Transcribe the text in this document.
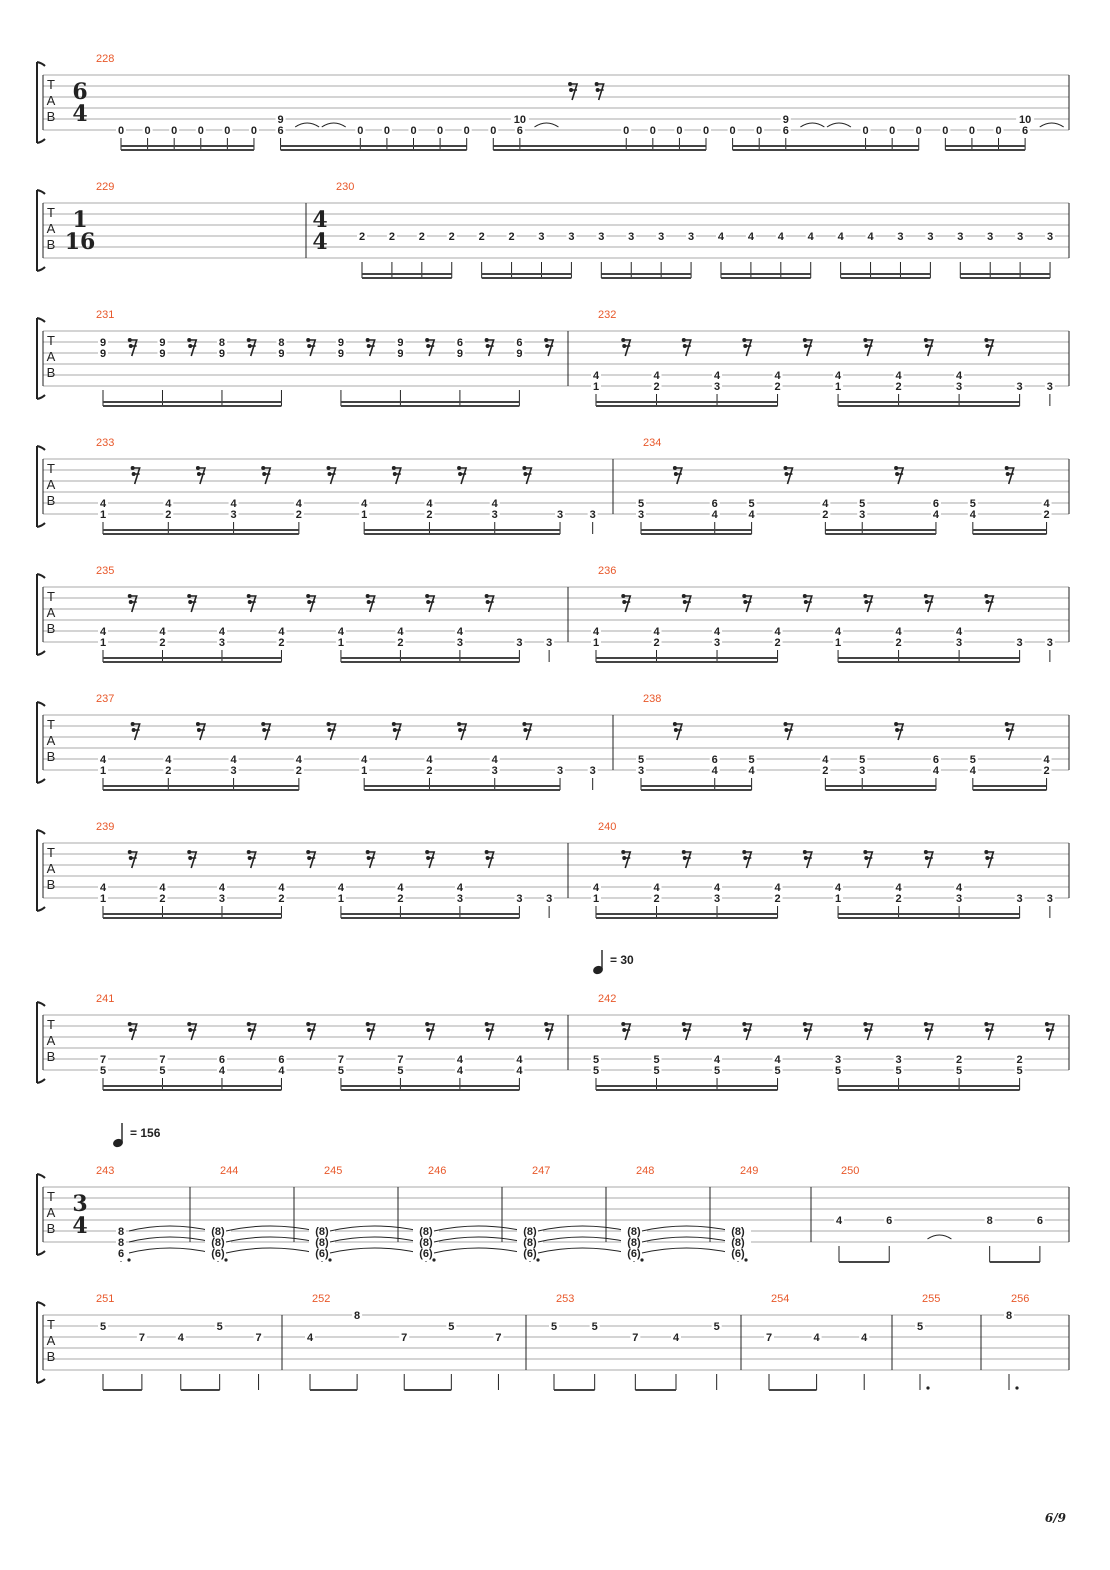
T
A
B
228
6
4
0 0 0 0 0 0
9
6	0 0 0 0 0 0
10
6	0 0 0 0 0 0
9
6	0 0 0 0 0 0
10
6
T
A
B
229
1
16
230
4
4	2 2 2 2 2 2 3 3 3 3 3 3 4 4 4 4 4 4 3 3 3 3 3 3
T
A
B
231
9
9
9
9
8
9
8
9
9
9
9
9
6
9
6
9
232
4
1
4
2
4
3
4
2
4
1
4
2
4
3	3 3
T
A
B
233
4
1
4
2
4
3
4
2
4
1
4
2
4
3	3 3
234
5
3
6
4
5
4
4
2
5
3
6
4
5
4
4
2
T
A
B
235
4
1
4
2
4
3
4
2
4
1
4
2
4
3	3 3
236
4
1
4
2
4
3
4
2
4
1
4
2
4
3	3 3
T
A
B
237
4
1
4
2
4
3
4
2
4
1
4
2
4
3	3 3
238
5
3
6
4
5
4
4
2
5
3
6
4
5
4
4
2
T
A
B
239
4
1
4
2
4
3
4
2
4
1
4
2
4
3	3 3
240
4
1
4
2
4
3
4
2
4
1
4
2
4
3	3 3
T
A
B
241
7
5
7
5
6
4
6
4
7
5
7
5
4
4
4
4
242
5
5
5
5
4
5
4
5
3
5
3
5
2
5
2
5
T
A
B
243
3
4	8
8
6
244
(8)
(8)
(6)
245
(8)
(8)
(6)
246
(8)
(8)
(6)
247
(8)
(8)
(6)
248
(8)
(8)
(6)
249
(8)
(8)
(6)
250
4	6	8	6
T
A
B
251
5
7	4
5
7
252
4
8
7
5
7
253
5	5
7	4
5
254
7	4	4
255
5
256
8
= 30
= 156
6/9
